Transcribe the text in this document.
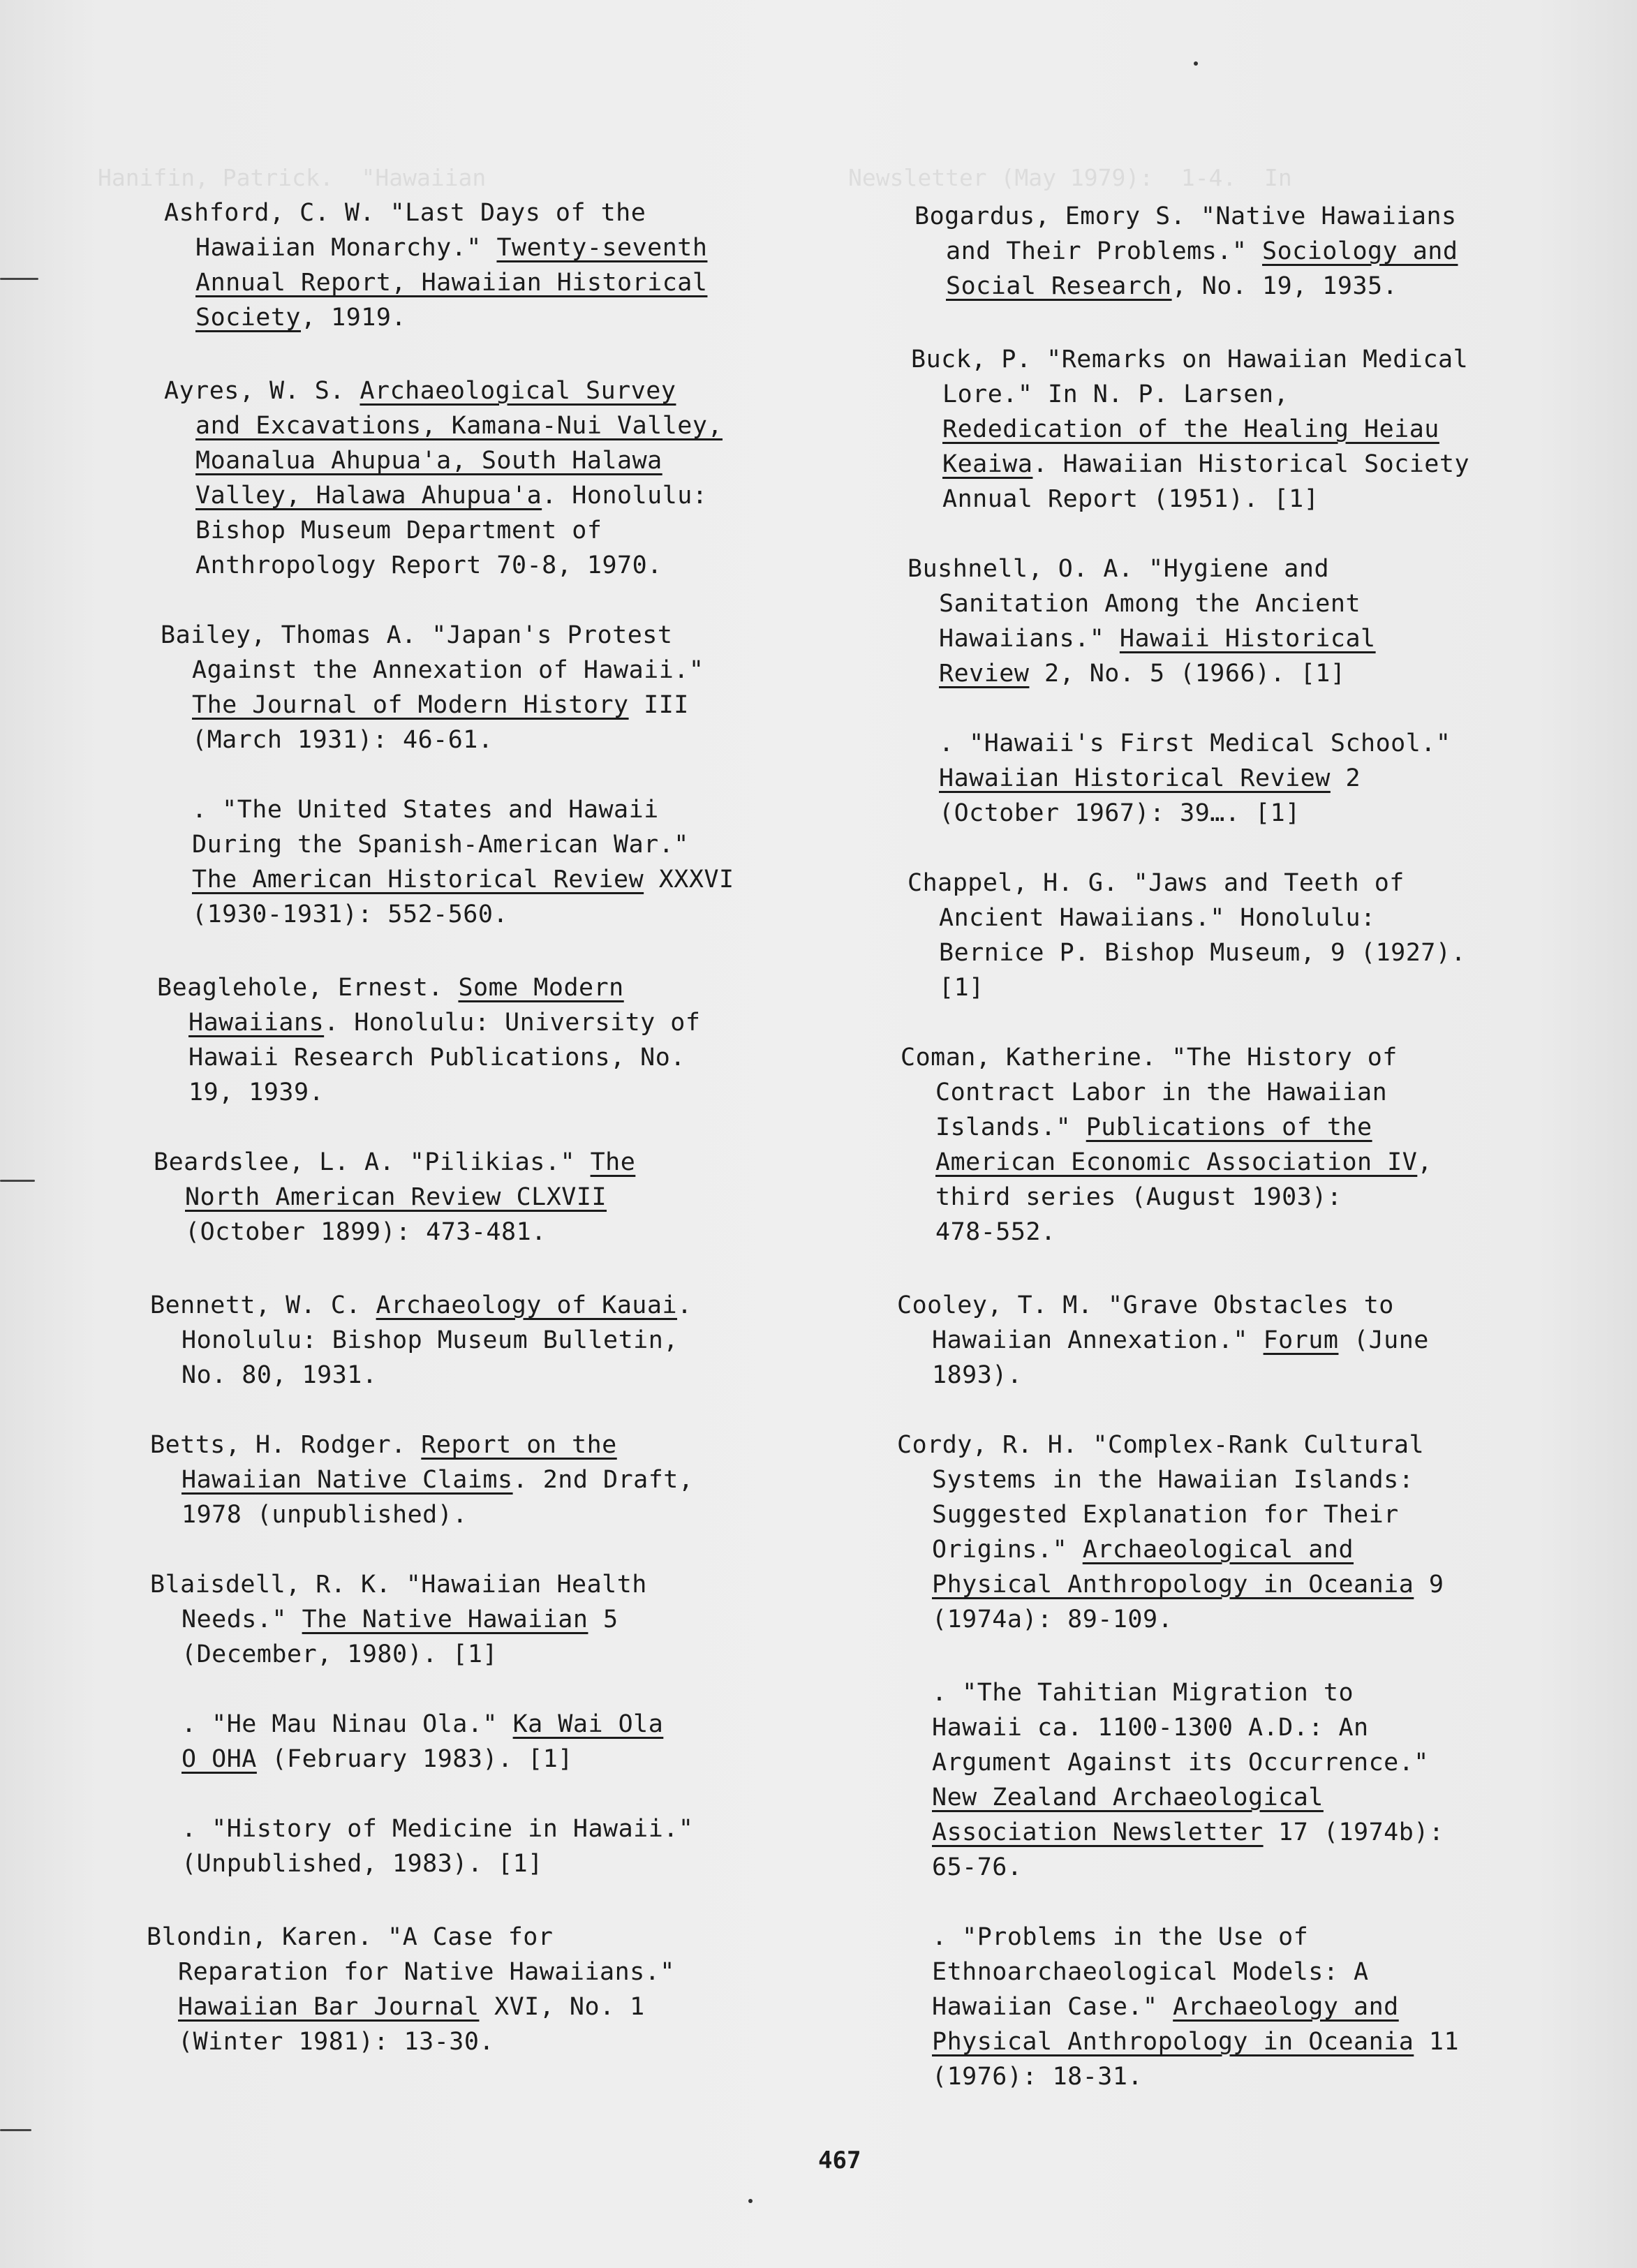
Hanifin, Patrick.  "Hawaiian	Newsletter (May 1979):  1-4.  In
Ashford, C. W. "Last Days of the
Hawaiian Monarchy." Twenty-seventh
Annual Report, Hawaiian Historical
Society, 1919.
Ayres, W. S. Archaeological Survey
and Excavations, Kamana-Nui Valley,
Moanalua Ahupua'a, South Halawa
Valley, Halawa Ahupua'a. Honolulu:
Bishop Museum Department of
Anthropology Report 70-8, 1970.
Bailey, Thomas A. "Japan's Protest
Against the Annexation of Hawaii."
The Journal of Modern History III
(March 1931): 46-61.
. "The United States and Hawaii
During the Spanish-American War."
The American Historical Review XXXVI
(1930-1931): 552-560.
Beaglehole, Ernest. Some Modern
Hawaiians. Honolulu: University of
Hawaii Research Publications, No.
19, 1939.
Beardslee, L. A. "Pilikias." The
North American Review CLXVII
(October 1899): 473-481.
Bennett, W. C. Archaeology of Kauai.
Honolulu: Bishop Museum Bulletin,
No. 80, 1931.
Betts, H. Rodger. Report on the
Hawaiian Native Claims. 2nd Draft,
1978 (unpublished).
Blaisdell, R. K. "Hawaiian Health
Needs." The Native Hawaiian 5
(December, 1980). [1]
. "He Mau Ninau Ola." Ka Wai Ola
O OHA (February 1983). [1]
. "History of Medicine in Hawaii."
(Unpublished, 1983). [1]
Blondin, Karen. "A Case for
Reparation for Native Hawaiians."
Hawaiian Bar Journal XVI, No. 1
(Winter 1981): 13-30.
Bogardus, Emory S. "Native Hawaiians
and Their Problems." Sociology and
Social Research, No. 19, 1935.
Buck, P. "Remarks on Hawaiian Medical
Lore." In N. P. Larsen,
Rededication of the Healing Heiau
Keaiwa. Hawaiian Historical Society
Annual Report (1951). [1]
Bushnell, O. A. "Hygiene and
Sanitation Among the Ancient
Hawaiians." Hawaii Historical
Review 2, No. 5 (1966). [1]
. "Hawaii's First Medical School."
Hawaiian Historical Review 2
(October 1967): 39…. [1]
Chappel, H. G. "Jaws and Teeth of
Ancient Hawaiians." Honolulu:
Bernice P. Bishop Museum, 9 (1927).
[1]
Coman, Katherine. "The History of
Contract Labor in the Hawaiian
Islands." Publications of the
American Economic Association IV,
third series (August 1903):
478-552.
Cooley, T. M. "Grave Obstacles to
Hawaiian Annexation." Forum (June
1893).
Cordy, R. H. "Complex-Rank Cultural
Systems in the Hawaiian Islands:
Suggested Explanation for Their
Origins." Archaeological and
Physical Anthropology in Oceania 9
(1974a): 89-109.
. "The Tahitian Migration to
Hawaii ca. 1100-1300 A.D.: An
Argument Against its Occurrence."
New Zealand Archaeological
Association Newsletter 17 (1974b):
65-76.
. "Problems in the Use of
Ethnoarchaeological Models: A
Hawaiian Case." Archaeology and
Physical Anthropology in Oceania 11
(1976): 18-31.
467
